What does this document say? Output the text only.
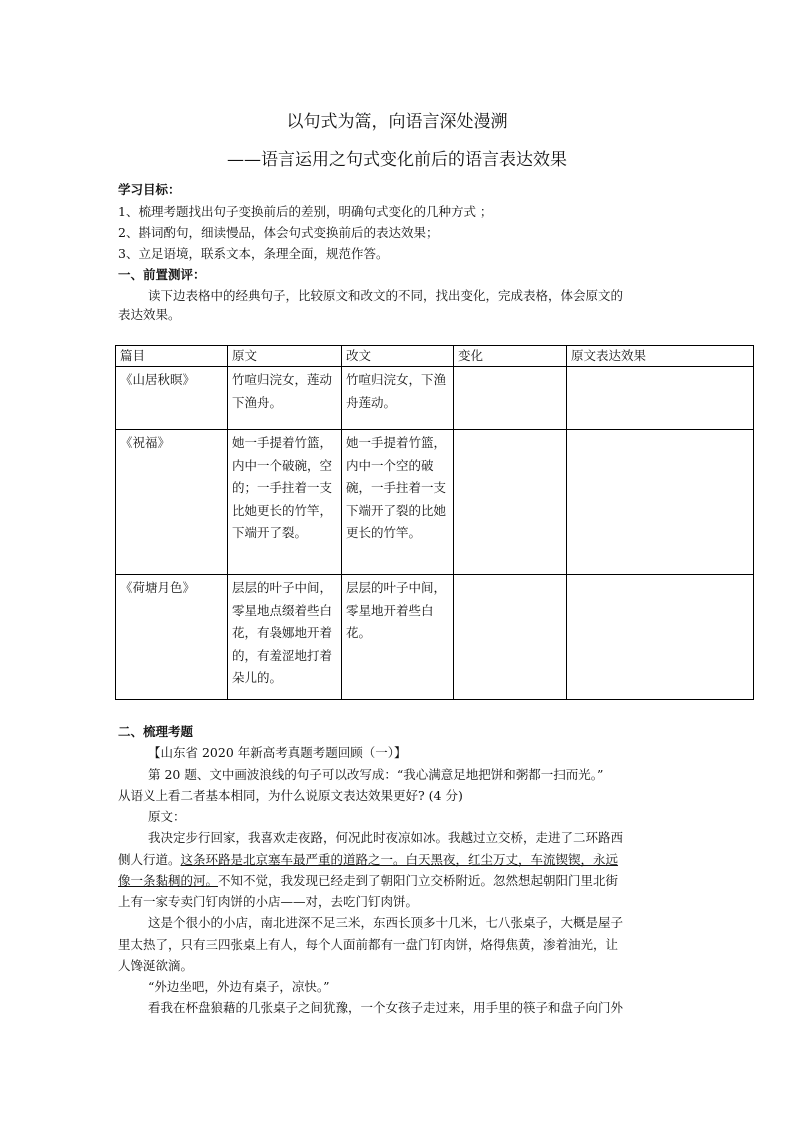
以句式为篙，向语言深处漫溯
——语言运用之句式变化前后的语言表达效果
学习目标：
1、梳理考题找出句子变换前后的差别，明确句式变化的几种方式 ；
2、斟词酌句，细读慢品，体会句式变换前后的表达效果；
3、立足语境，联系文本，条理全面，规范作答。
一、前置测评：
读下边表格中的经典句子，比较原文和改文的不同，找出变化，完成表格，体会原文的
表达效果。
篇目	原文	改文	变化	原文表达效果

《山居秋暝》	竹喧归浣女，莲动下渔舟。	竹喧归浣女，下渔舟莲动。		

《祝福》	她一手提着竹篮，内中一个破碗，空的；一手拄着一支比她更长的竹竿，下端开了裂。	她一手提着竹篮，内中一个空的破碗，一手拄着一支下端开了裂的比她更长的竹竿。		

《荷塘月色》	层层的叶子中间，零星地点缀着些白花，有袅娜地开着的，有羞涩地打着朵儿的。	层层的叶子中间，零星地开着些白花。		

二、梳理考题
【山东省 2020 年新高考真题考题回顾（一）】
第 20 题、文中画波浪线的句子可以改写成：“我心满意足地把饼和粥都一扫而光。”
从语义上看二者基本相同，为什么说原文表达效果更好? (4 分)
原文：
我决定步行回家，我喜欢走夜路，何况此时夜凉如冰。我越过立交桥，走进了二环路西
侧人行道。这条环路是北京塞车最严重的道路之一。白天黑夜，红尘万丈，车流锲锲，永远
像一条黏稠的河。不知不觉，我发现已经走到了朝阳门立交桥附近。忽然想起朝阳门里北街
上有一家专卖门钉肉饼的小店——对，去吃门钉肉饼。
这是个很小的小店，南北进深不足三米，东西长顶多十几米，七八张桌子，大概是屋子
里太热了，只有三四张桌上有人，每个人面前都有一盘门钉肉饼，烙得焦黄，渗着油光，让
人馋涎欲滴。
“外边坐吧，外边有桌子，凉快。”
看我在杯盘狼藉的几张桌子之间犹豫，一个女孩子走过来，用手里的筷子和盘子向门外
